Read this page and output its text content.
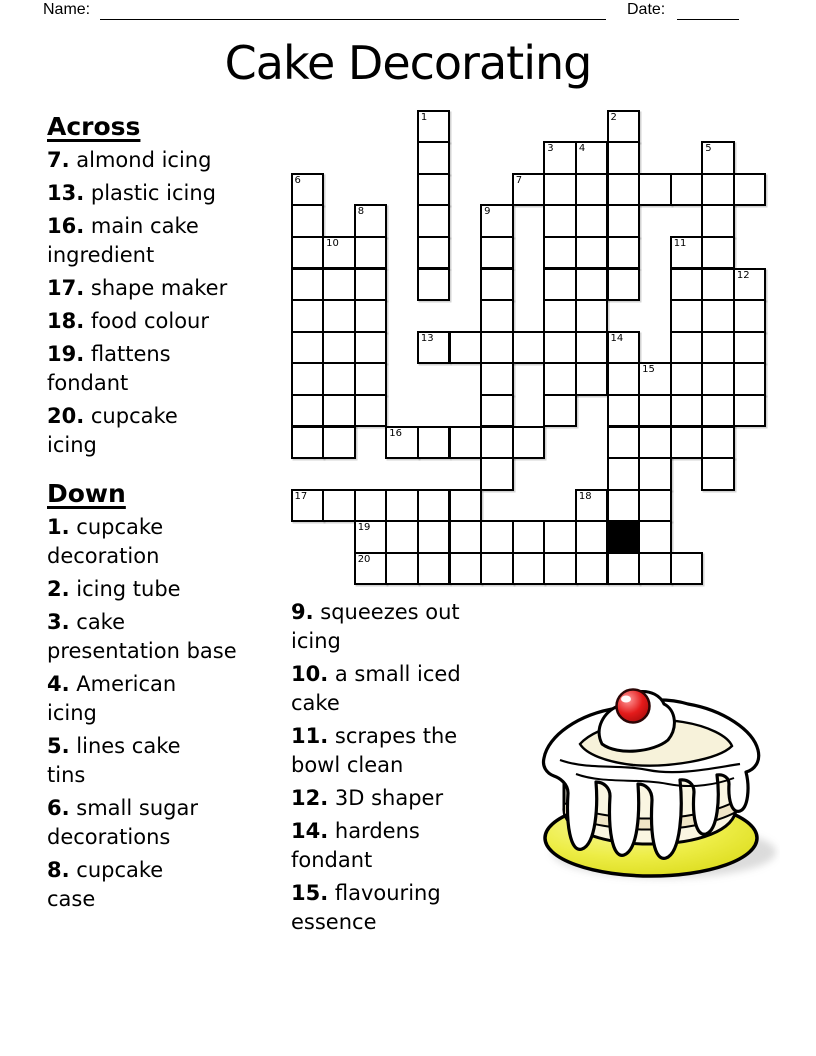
Name:	Date:
Cake Decorating
1	2
3	4	5
6	7
8	9
10	11
12
13	14
15
16
17	18
19
20
Across
7. almond icing
13. plastic icing
16. main cake
ingredient
17. shape maker
18. food colour
19. flattens
fondant
20. cupcake
icing
Down
1. cupcake
decoration
2. icing tube
3. cake
presentation base
4. American
icing
5. lines cake
tins
6. small sugar
decorations
8. cupcake
case
9. squeezes out
icing
10. a small iced
cake
11. scrapes the
bowl clean
12. 3D shaper
14. hardens
fondant
15. flavouring
essence
